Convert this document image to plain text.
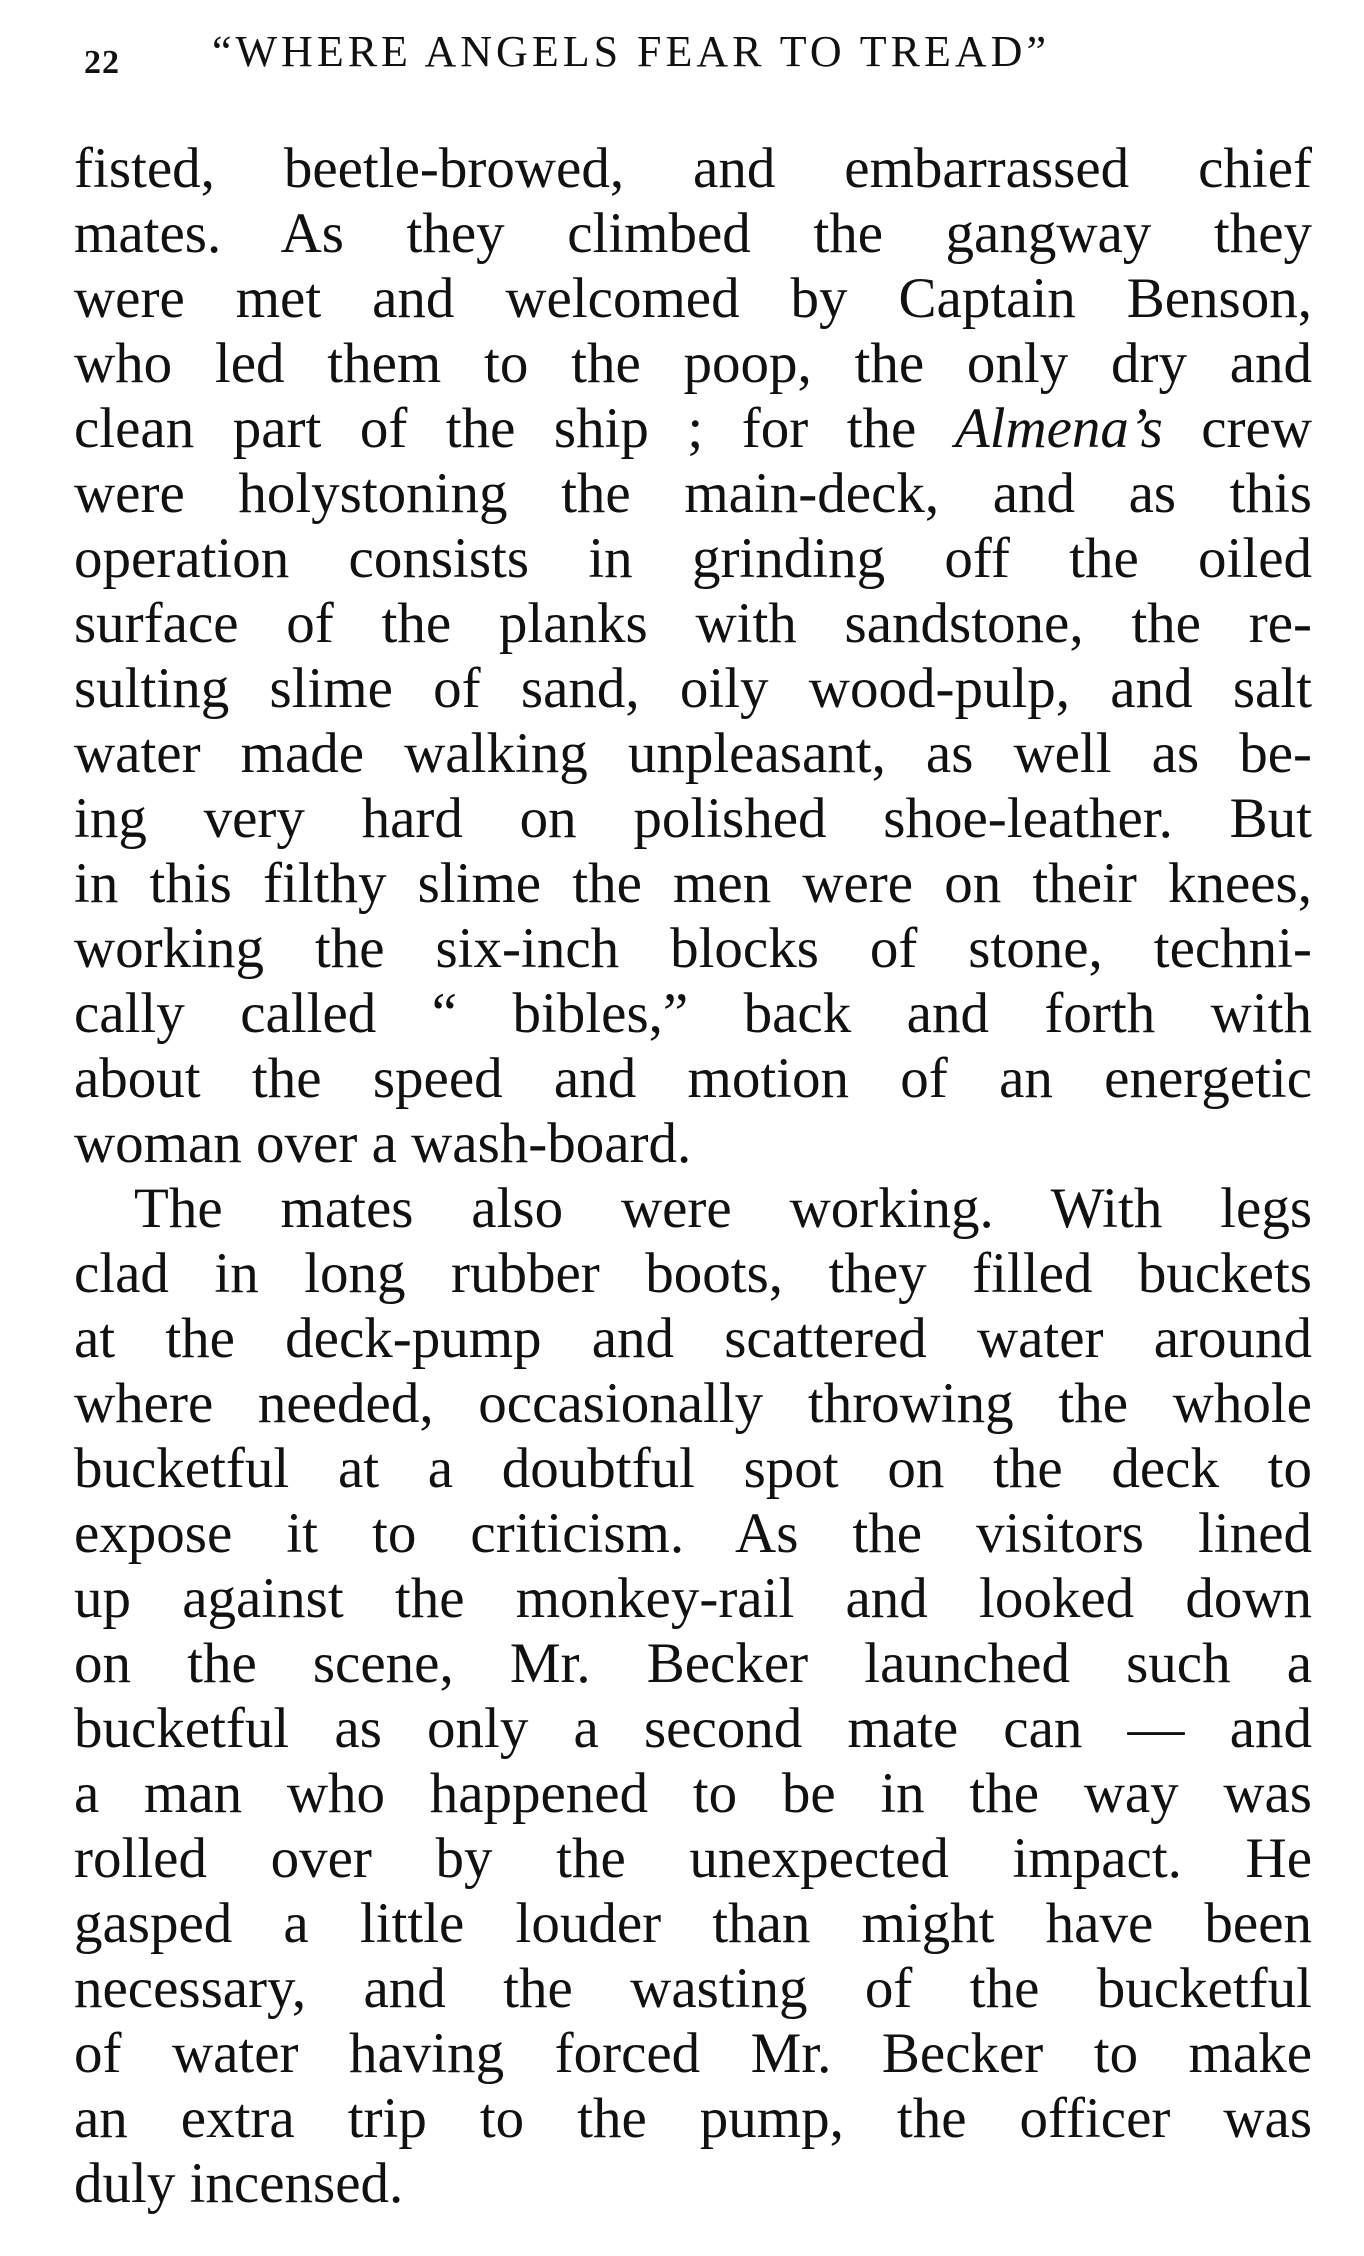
22 “WHERE ANGELS FEAR TO TREAD”
fisted, beetle-browed, and embarrassed chief
mates. As they climbed the gangway they
were met and welcomed by Captain Benson,
who led them to the poop, the only dry and
clean part of the ship ; for the Almena’s crew
were holystoning the main-deck, and as this
operation consists in grinding off the oiled
surface of the planks with sandstone, the re-
sulting slime of sand, oily wood-pulp, and salt
water made walking unpleasant, as well as be-
ing very hard on polished shoe-leather. But
in this filthy slime the men were on their knees,
working the six-inch blocks of stone, techni-
cally called “ bibles,” back and forth with
about the speed and motion of an energetic
woman over a wash-board.
The mates also were working. With legs
clad in long rubber boots, they filled buckets
at the deck-pump and scattered water around
where needed, occasionally throwing the whole
bucketful at a doubtful spot on the deck to
expose it to criticism. As the visitors lined
up against the monkey-rail and looked down
on the scene, Mr. Becker launched such a
bucketful as only a second mate can — and
a man who happened to be in the way was
rolled over by the unexpected impact. He
gasped a little louder than might have been
necessary, and the wasting of the bucketful
of water having forced Mr. Becker to make
an extra trip to the pump, the officer was
duly incensed.
